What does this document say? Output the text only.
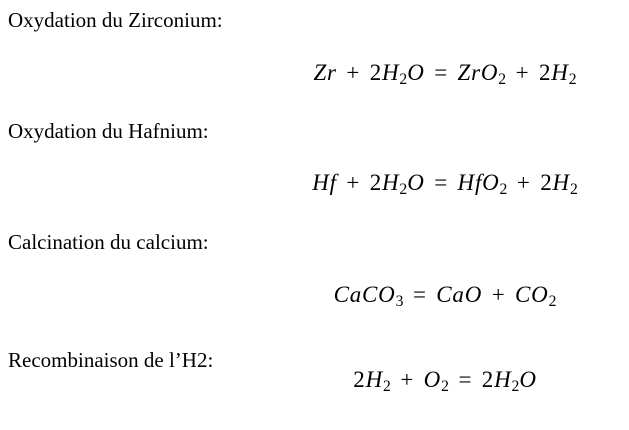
Oxydation du Zirconium:
Zr + 2H2O = ZrO2 + 2H2
Oxydation du Hafnium:
Hf + 2H2O = HfO2 + 2H2
Calcination du calcium:
CaCO3 = CaO + CO2
Recombinaison de l’H2:
2H2 + O2 = 2H2O
